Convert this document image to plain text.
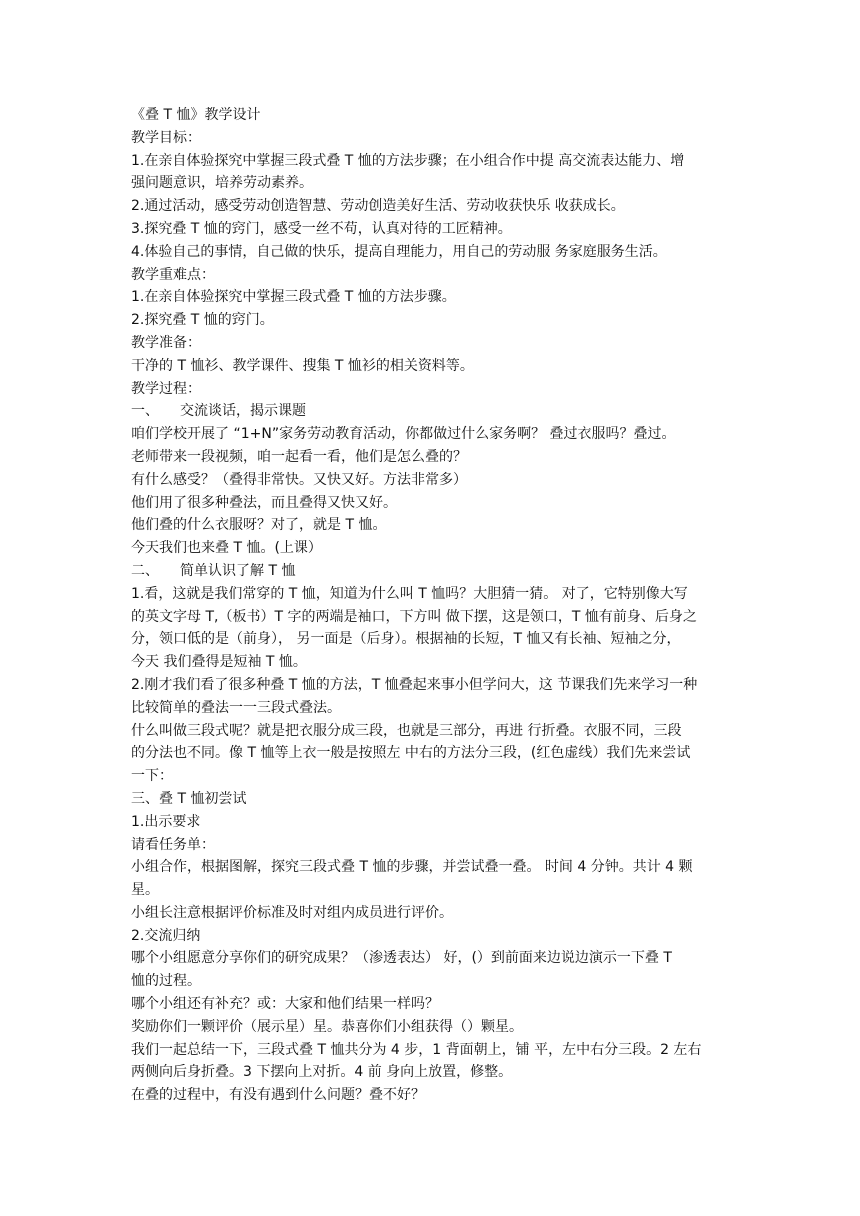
《叠 T 恤》教学设计

教学目标：

1.在亲自体验探究中掌握三段式叠 T 恤的方法步骤；在小组合作中提 高交流表达能力、增

强问题意识，培养劳动素养。

2.通过活动，感受劳动创造智慧、劳动创造美好生活、劳动收获快乐 收获成长。

3.探究叠 T 恤的窍门，感受一丝不苟，认真对待的工匠精神。

4.体验自己的事情，自己做的快乐，提高自理能力，用自己的劳动服 务家庭服务生活。

教学重难点：

1.在亲自体验探究中掌握三段式叠 T 恤的方法步骤。

2.探究叠 T 恤的窍门。

教学准备：

干净的 T 恤衫、教学课件、搜集 T 恤衫的相关资料等。

教学过程：

一、　　交流谈话，揭示课题

咱们学校开展了 “1+N”家务劳动教育活动，你都做过什么家务啊？ 叠过衣服吗？叠过。

老师带来一段视频，咱一起看一看，他们是怎么叠的？

有什么感受？（叠得非常快。又快又好。方法非常多）

他们用了很多种叠法，而且叠得又快又好。

他们叠的什么衣服呀？对了，就是 T 恤。

今天我们也来叠 T 恤。(上课）

二、　　简单认识了解 T 恤

1.看，这就是我们常穿的 T 恤，知道为什么叫 T 恤吗？大胆猜一猜。 对了，它特别像大写

的英文字母 T,（板书）T 字的两端是袖口，下方叫 做下摆，这是领口，T 恤有前身、后身之

分，领口低的是（前身）， 另一面是（后身）。根据袖的长短，T 恤又有长袖、短袖之分，

今天 我们叠得是短袖 T 恤。

2.刚才我们看了很多种叠 T 恤的方法，T 恤叠起来事小但学问大，这 节课我们先来学习一种

比较简单的叠法一一三段式叠法。

什么叫做三段式呢？就是把衣服分成三段，也就是三部分，再进 行折叠。衣服不同，三段

的分法也不同。像 T 恤等上衣一般是按照左 中右的方法分三段，(红色虚线）我们先来尝试

一下：

三、叠 T 恤初尝试

1.出示要求

请看任务单：

小组合作，根据图解，探究三段式叠 T 恤的步骤，并尝试叠一叠。 时间 4 分钟。共计 4 颗

星。

小组长注意根据评价标准及时对组内成员进行评价。

2.交流归纳

哪个小组愿意分享你们的研究成果？（渗透表达） 好，(）到前面来边说边演示一下叠 T

恤的过程。

哪个小组还有补充？或：大家和他们结果一样吗？

奖励你们一颗评价（展示星）星。恭喜你们小组获得（）颗星。

我们一起总结一下，三段式叠 T 恤共分为 4 步，1 背面朝上，铺 平，左中右分三段。2 左右

两侧向后身折叠。3 下摆向上对折。4 前 身向上放置，修整。

在叠的过程中，有没有遇到什么问题？叠不好？
